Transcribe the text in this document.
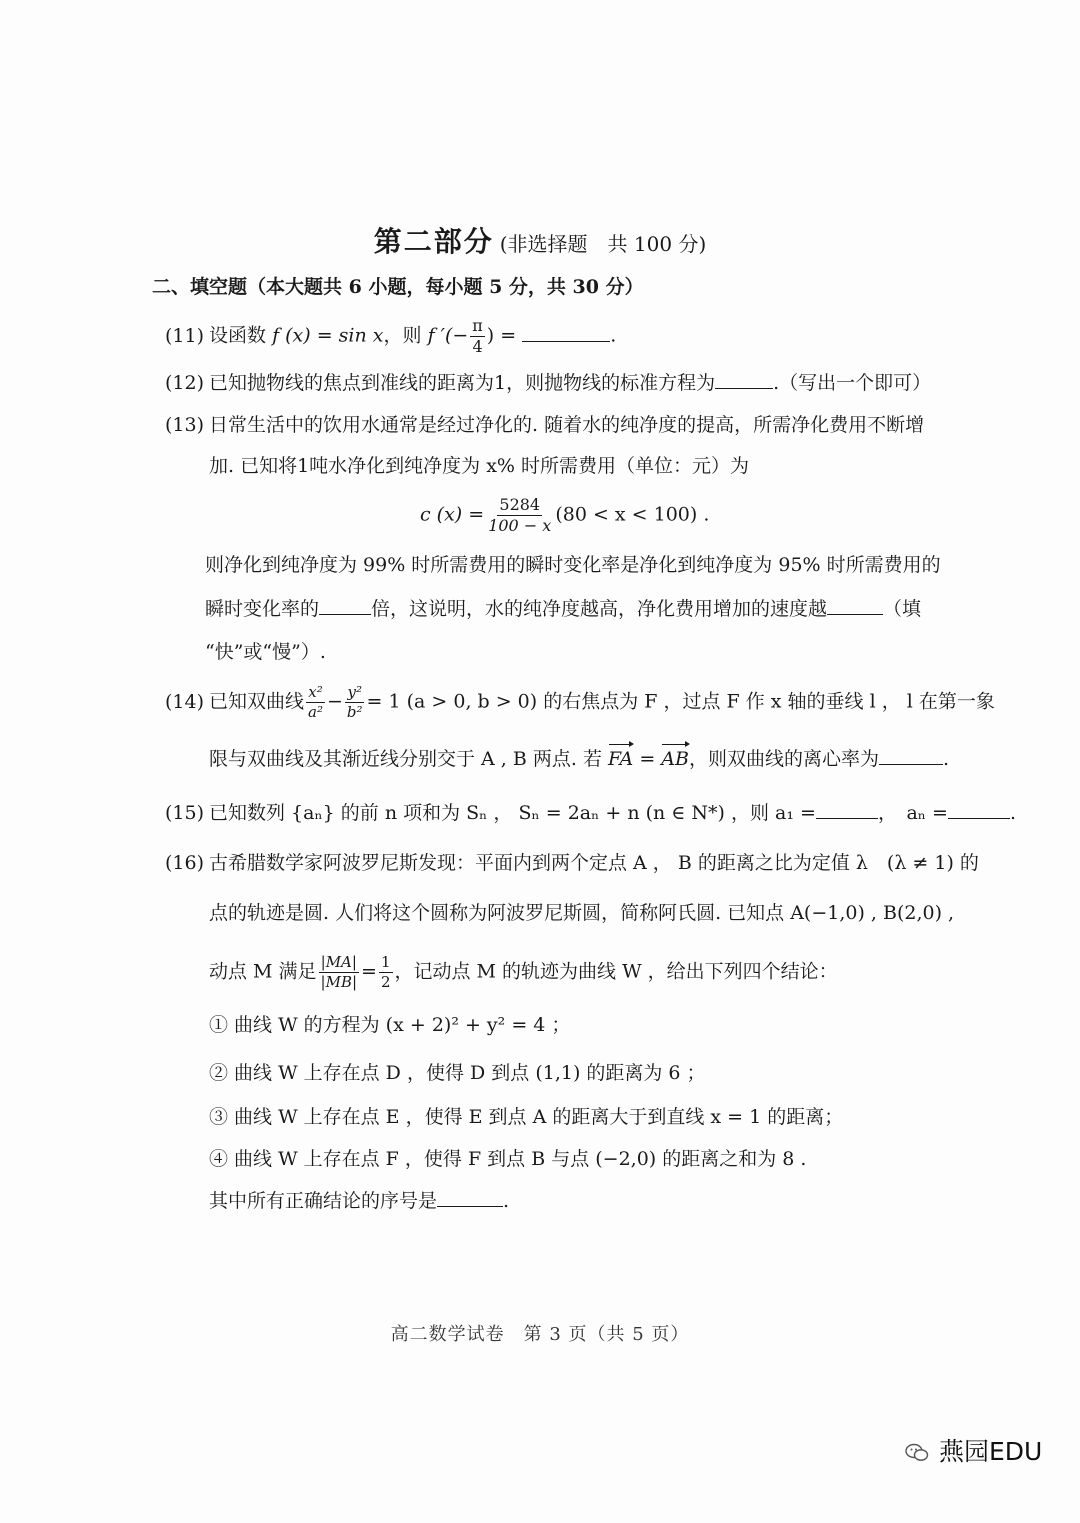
第二部分 (非选择题　共 100 分)
二、填空题（本大题共 6 小题，每小题 5 分，共 30 分）
(11) 设函数 f (x) = sin x，则 f ′(− $\frac{\pi}{4}$ ) =	.
(12) 已知抛物线的焦点到准线的距离为1，则抛物线的标准方程为	.（写出一个即可）
(13) 日常生活中的饮用水通常是经过净化的. 随着水的纯净度的提高，所需净化费用不断增
加. 已知将1吨水净化到纯净度为 x% 时所需费用（单位：元）为
c $(x) = \frac{5284}{100 - x} (80 < x < 100)$ .
则净化到纯净度为 99% 时所需费用的瞬时变化率是净化到纯净度为 95% 时所需费用的
瞬时变化率的	倍，这说明，水的纯净度越高，净化费用增加的速度越	（填
“快”或“慢”）.
(14) 已知双曲线 $\frac{\text{x²}}{\text{a²}} - \frac{\text{y²}}{\text{b²}} = 1$ (a > 0, b > 0) 的右焦点为 F ，过点 F 作 x 轴的垂线 l ， l 在第一象
限与双曲线及其渐近线分别交于 A , B 两点. 若 FA = AB，则双曲线的离心率为	.
(15) 已知数列 {aₙ} 的前 n 项和为 Sₙ ， Sₙ = 2aₙ + n (n ∈ N*) ，则 a₁ =	，　aₙ =	.
(16) 古希腊数学家阿波罗尼斯发现：平面内到两个定点 A ， B 的距离之比为定值 λ　(λ ≠ 1) 的
点的轨迹是圆. 人们将这个圆称为阿波罗尼斯圆，简称阿氏圆. 已知点 A(−1,0) , B(2,0) ,
动点 M 满足 $\frac{|MA|}{|MB|} = \frac{1}{2}$ ，记动点 M 的轨迹为曲线 W ，给出下列四个结论：
① 曲线 W 的方程为 (x + 2)² + y² = 4 ；
② 曲线 W 上存在点 D ，使得 D 到点 (1,1) 的距离为 6 ；
③ 曲线 W 上存在点 E ，使得 E 到点 A 的距离大于到直线 x = 1 的距离；
④ 曲线 W 上存在点 F ，使得 F 到点 B 与点 (−2,0) 的距离之和为 8 .
其中所有正确结论的序号是	.
高二数学试卷　第 3 页（共 5 页）
燕园EDU
